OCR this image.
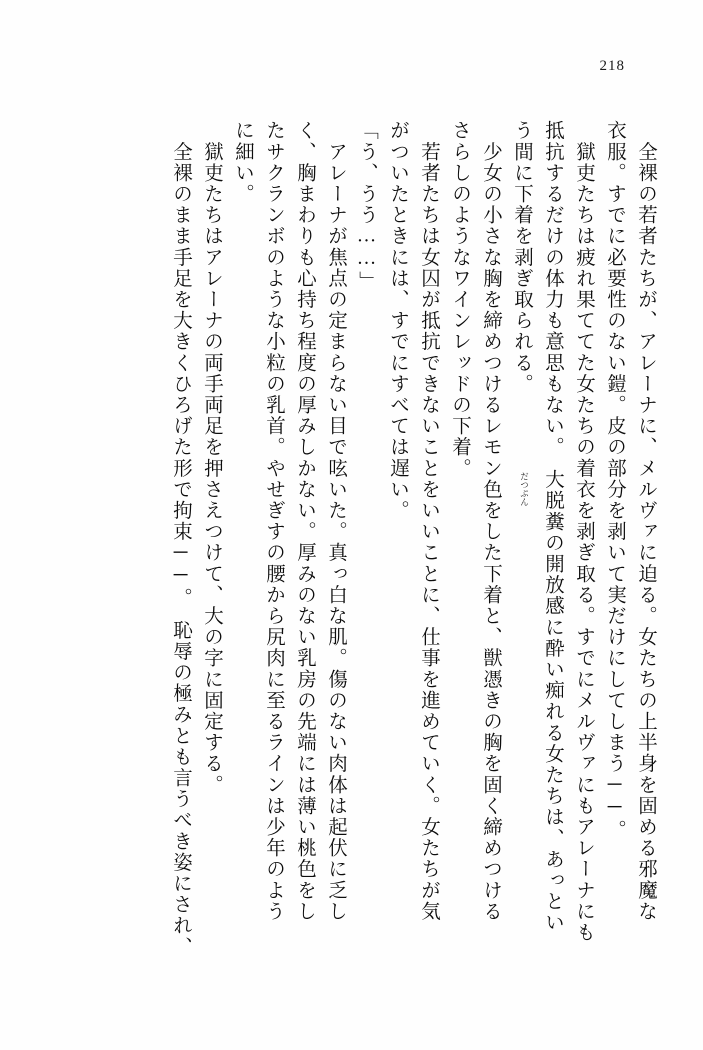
218
　全裸の若者たちが、アレーナに、メルヴァに迫る。女たちの上半身を固める邪魔な
衣服。すでに必要性のない鎧。皮の部分を剥いて実だけにしてしまう──。
　獄吏たちは疲れ果ててた女たちの着衣を剥ぎ取る。すでにメルヴァにもアレーナにも
抵抗するだけの体力も意思もない。　大脱糞の開放感に酔い痴れる女たちは、あっとい
だつぷん
う間に下着を剥ぎ取られる。
　少女の小さな胸を締めつけるレモン色をした下着と、獣憑きの胸を固く締めつける
さらしのようなワインレッドの下着。
　若者たちは女囚が抵抗できないことをいいことに、仕事を進めていく。女たちが気
がついたときには、すでにすべては遅い。
「う、うう……」
　アレーナが焦点の定まらない目で呟いた。真っ白な肌。傷のない肉体は起伏に乏し
く、胸まわりも心持ち程度の厚みしかない。厚みのない乳房の先端には薄い桃色をし
たサクランボのような小粒の乳首。やせぎすの腰から尻肉に至るラインは少年のよう
に細い。
　獄吏たちはアレーナの両手両足を押さえつけて、大の字に固定する。
　全裸のまま手足を大きくひろげた形で拘束──。　恥辱の極みとも言うべき姿にされ、
